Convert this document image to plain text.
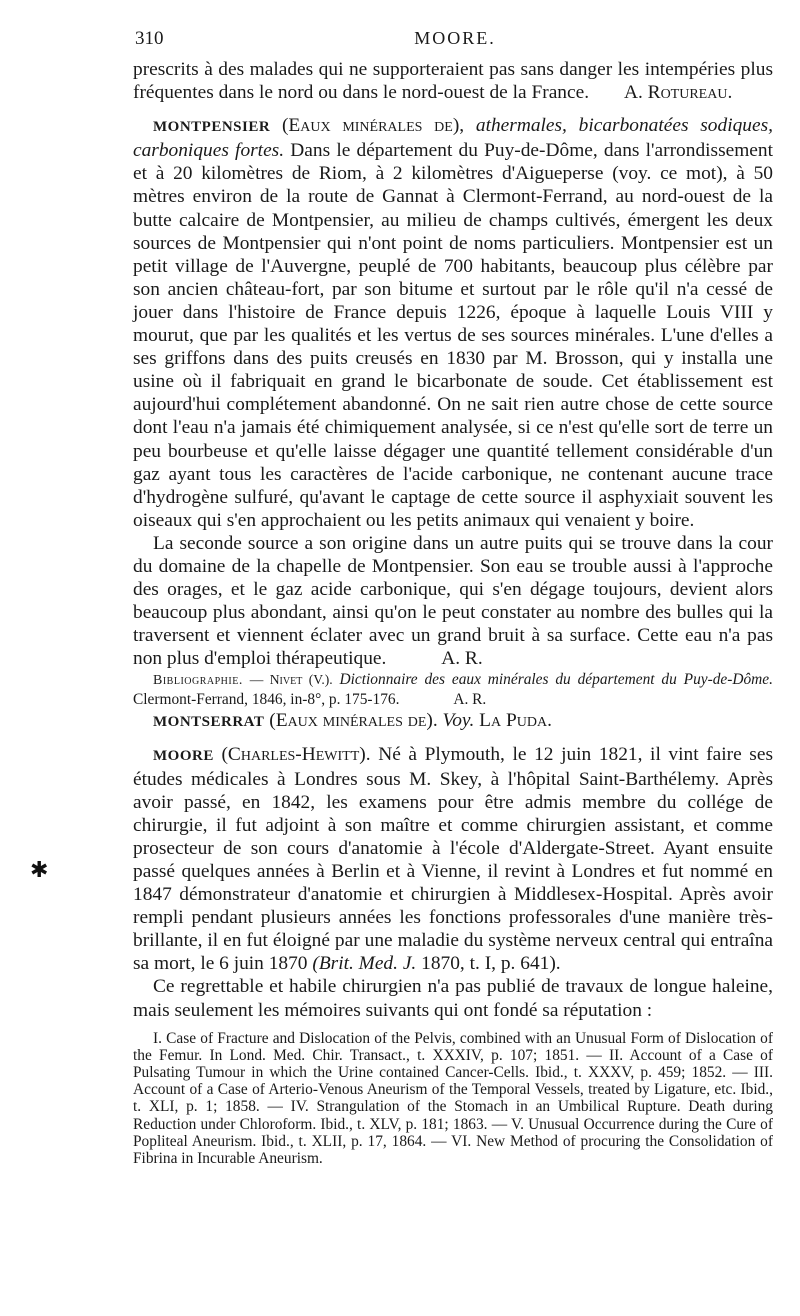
310	MOORE.
✱

prescrits à des malades qui ne supporteraient pas sans danger les intempéries plus fréquentes dans le nord ou dans le nord-ouest de la France. A. Rotureau.

MONTPENSIER (Eaux minérales de), athermales, bicarbonatées sodiques, carboniques fortes. Dans le département du Puy-de-Dôme, dans l'arrondissement et à 20 kilomètres de Riom, à 2 kilomètres d'Aigueperse (voy. ce mot), à 50 mètres environ de la route de Gannat à Clermont-Ferrand, au nord-ouest de la butte calcaire de Montpensier, au milieu de champs cultivés, émergent les deux sources de Montpensier qui n'ont point de noms particuliers. Montpensier est un petit village de l'Auvergne, peuplé de 700 habitants, beaucoup plus célèbre par son ancien château-fort, par son bitume et surtout par le rôle qu'il n'a cessé de jouer dans l'histoire de France depuis 1226, époque à laquelle Louis VIII y mourut, que par les qualités et les vertus de ses sources minérales. L'une d'elles a ses griffons dans des puits creusés en 1830 par M. Brosson, qui y installa une usine où il fabriquait en grand le bicarbonate de soude. Cet établissement est aujourd'hui complétement abandonné. On ne sait rien autre chose de cette source dont l'eau n'a jamais été chimiquement analysée, si ce n'est qu'elle sort de terre un peu bourbeuse et qu'elle laisse dégager une quantité tellement considérable d'un gaz ayant tous les caractères de l'acide carbonique, ne contenant aucune trace d'hydrogène sulfuré, qu'avant le captage de cette source il asphyxiait souvent les oiseaux qui s'en approchaient ou les petits animaux qui venaient y boire.

La seconde source a son origine dans un autre puits qui se trouve dans la cour du domaine de la chapelle de Montpensier. Son eau se trouble aussi à l'approche des orages, et le gaz acide carbonique, qui s'en dégage toujours, devient alors beaucoup plus abondant, ainsi qu'on le peut constater au nombre des bulles qui la traversent et viennent éclater avec un grand bruit à sa surface. Cette eau n'a pas non plus d'emploi thérapeutique.	A. R.

Bibliographie. — Nivet (V.). Dictionnaire des eaux minérales du département du Puy-de-Dôme. Clermont-Ferrand, 1846, in-8°, p. 175-176.	A. R.

MONTSERRAT (Eaux minérales de). Voy. La Puda.

MOORE (Charles-Hewitt). Né à Plymouth, le 12 juin 1821, il vint faire ses études médicales à Londres sous M. Skey, à l'hôpital Saint-Barthélemy. Après avoir passé, en 1842, les examens pour être admis membre du collége de chirurgie, il fut adjoint à son maître et comme chirurgien assistant, et comme prosecteur de son cours d'anatomie à l'école d'Aldergate-Street. Ayant ensuite passé quelques années à Berlin et à Vienne, il revint à Londres et fut nommé en 1847 démonstrateur d'anatomie et chirurgien à Middlesex-Hospital. Après avoir rempli pendant plusieurs années les fonctions professorales d'une manière très-brillante, il en fut éloigné par une maladie du système nerveux central qui entraîna sa mort, le 6 juin 1870 (Brit. Med. J. 1870, t. I, p. 641).

Ce regrettable et habile chirurgien n'a pas publié de travaux de longue haleine, mais seulement les mémoires suivants qui ont fondé sa réputation :

I. Case of Fracture and Dislocation of the Pelvis, combined with an Unusual Form of Dislocation of the Femur. In Lond. Med. Chir. Transact., t. XXXIV, p. 107; 1851. — II. Account of a Case of Pulsating Tumour in which the Urine contained Cancer-Cells. Ibid., t. XXXV, p. 459; 1852. — III. Account of a Case of Arterio-Venous Aneurism of the Temporal Vessels, treated by Ligature, etc. Ibid., t. XLI, p. 1; 1858. — IV. Strangulation of the Stomach in an Umbilical Rupture. Death during Reduction under Chloroform. Ibid., t. XLV, p. 181; 1863. — V. Unusual Occurrence during the Cure of Popliteal Aneurism. Ibid., t. XLII, p. 17, 1864. — VI. New Method of procuring the Consolidation of Fibrina in Incurable Aneurism.
